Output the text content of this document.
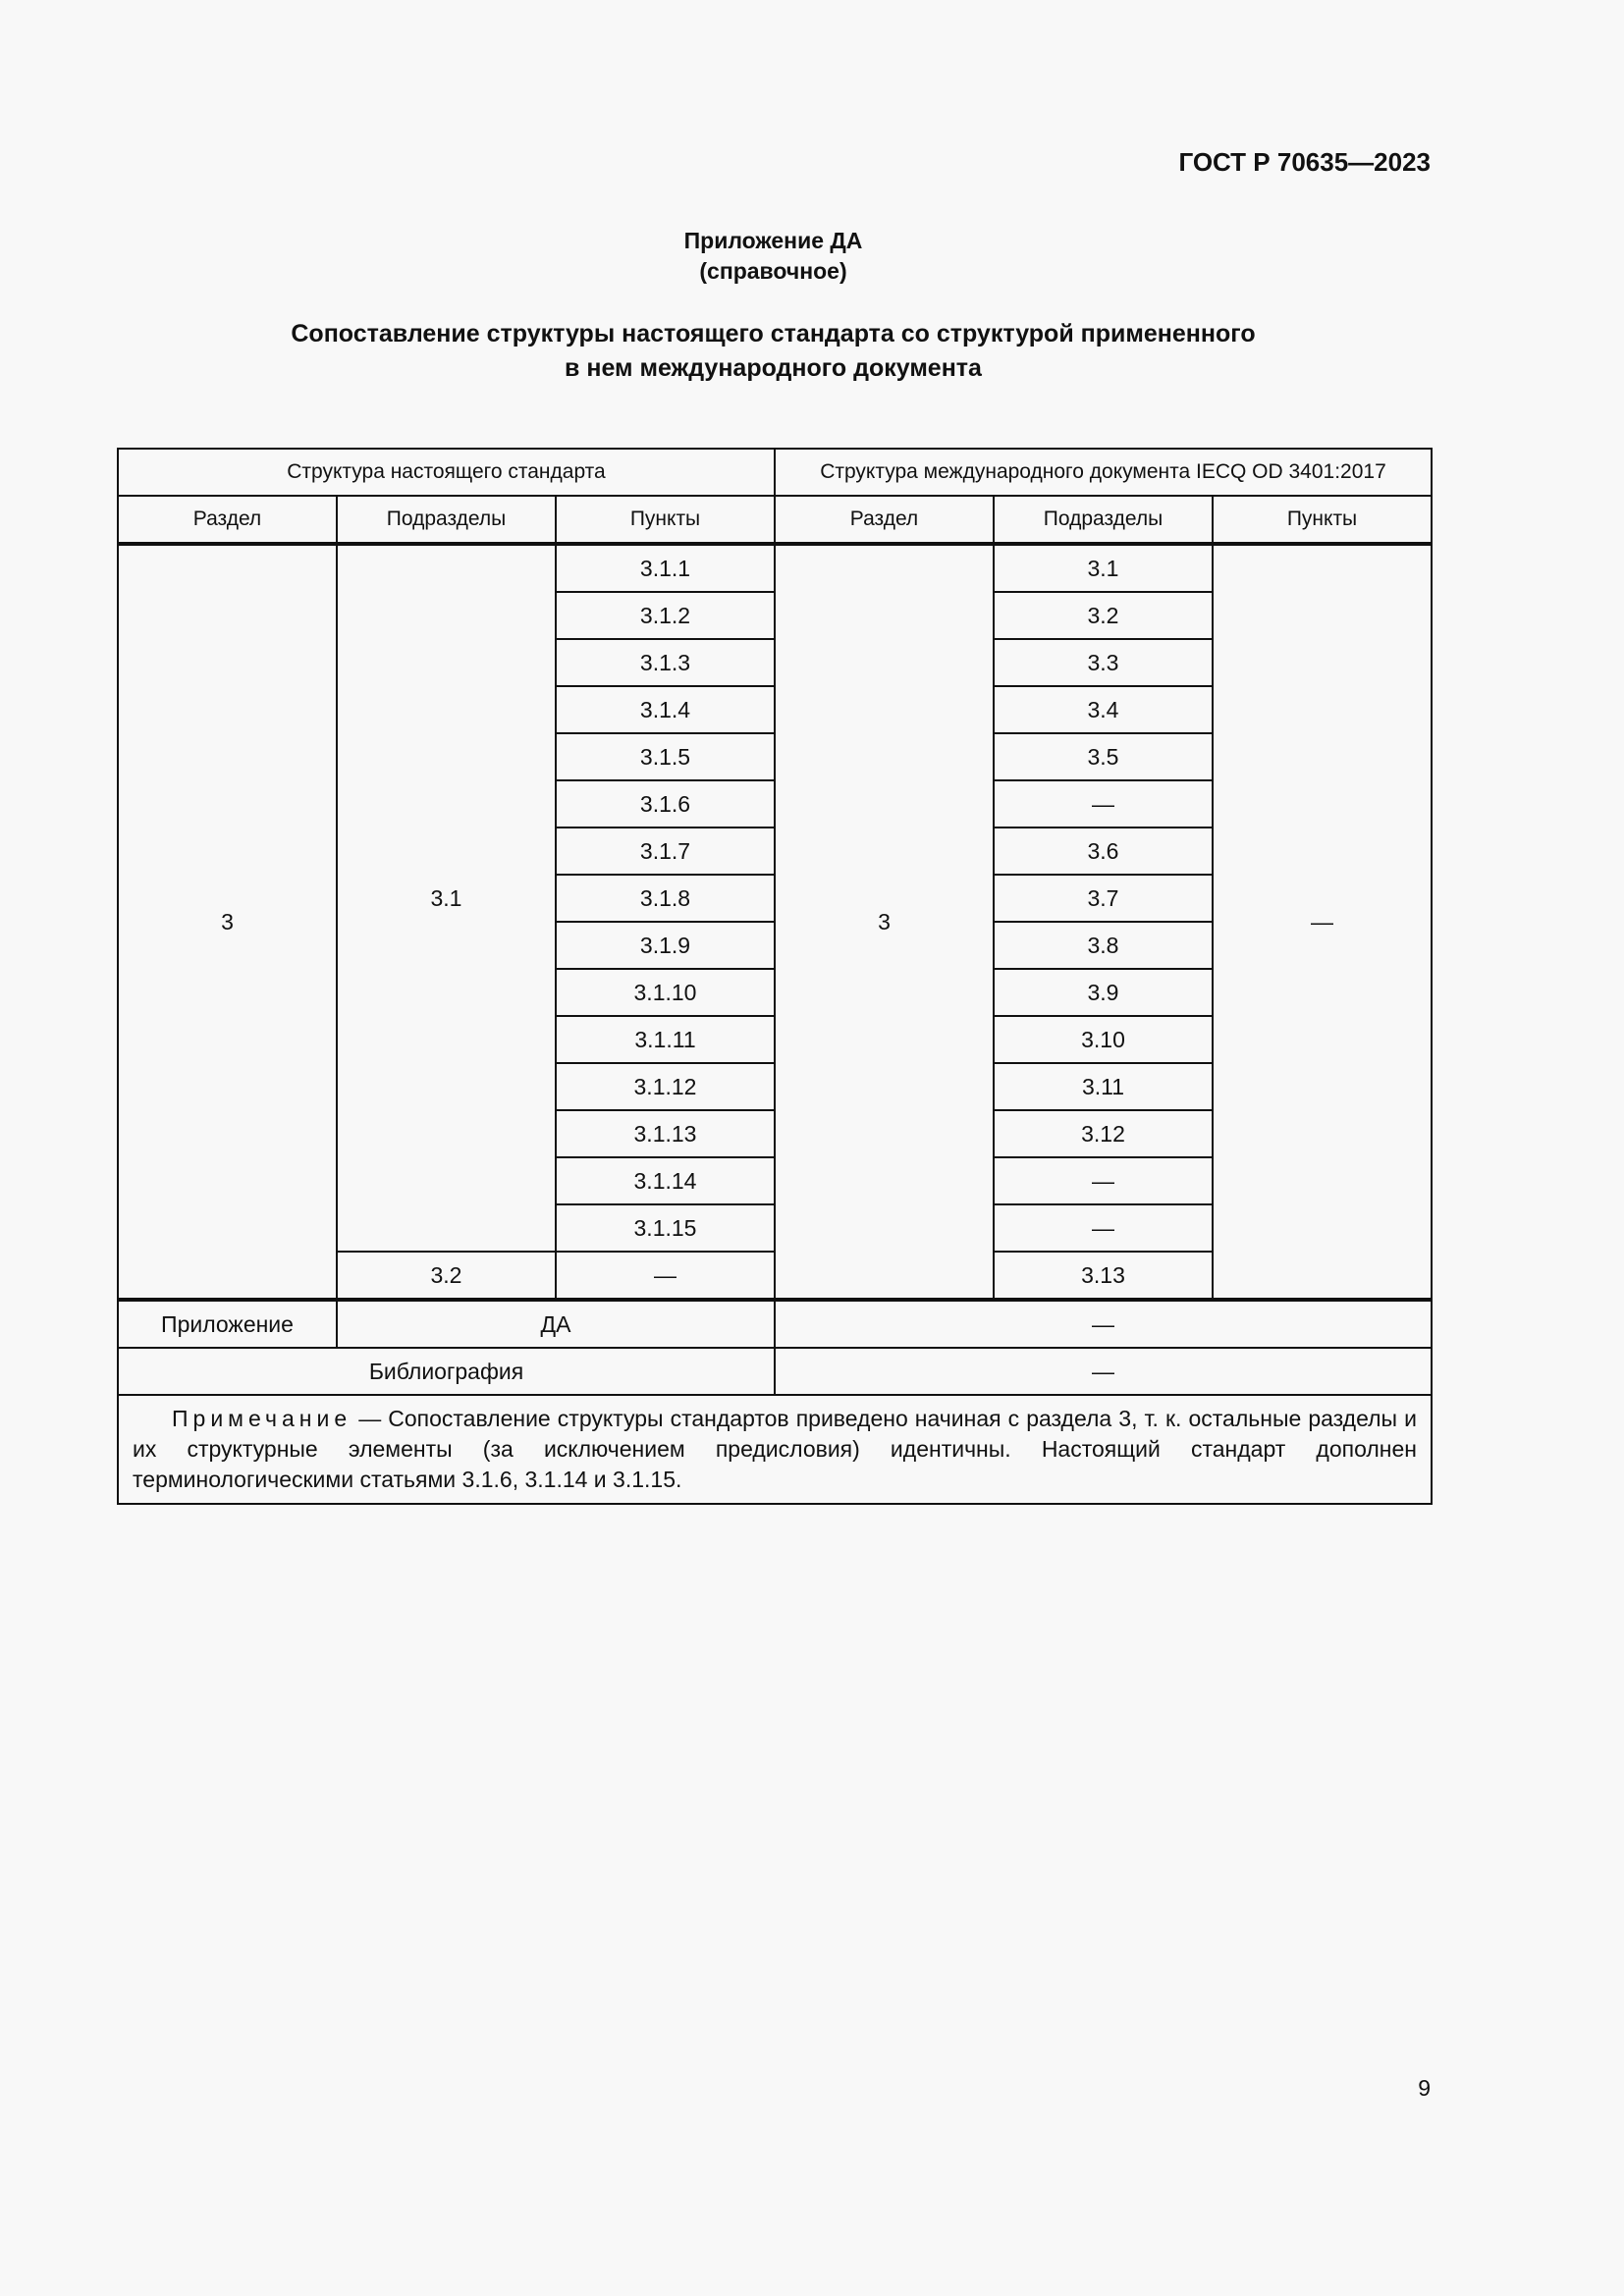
ГОСТ Р 70635—2023
Приложение ДА
(справочное)
Сопоставление структуры настоящего стандарта со структурой примененного
в нем международного документа
Структура настоящего стандарта			Структура международного документа IECQ OD 3401:2017		
Раздел	Подразделы	Пункты	Раздел	Подразделы	Пункты
3	3.1	3.1.1	3	3.1	—
		3.1.2		3.2	
		3.1.3		3.3	
		3.1.4		3.4	
		3.1.5		3.5	
		3.1.6		—	
		3.1.7		3.6	
		3.1.8		3.7	
		3.1.9		3.8	
		3.1.10		3.9	
		3.1.11		3.10	
		3.1.12		3.11	
		3.1.13		3.12	
		3.1.14		—	
		3.1.15		—	
	3.2	—		3.13	
Приложение	ДА		—		
Библиография			—		
Примечание — Сопоставление структуры стандартов приведено начиная с раздела 3, т. к. остальные разделы и их структурные элементы (за исключением предисловия) идентичны. Настоящий стандарт дополнен терминологическими статьями 3.1.6, 3.1.14 и 3.1.15.					
9
